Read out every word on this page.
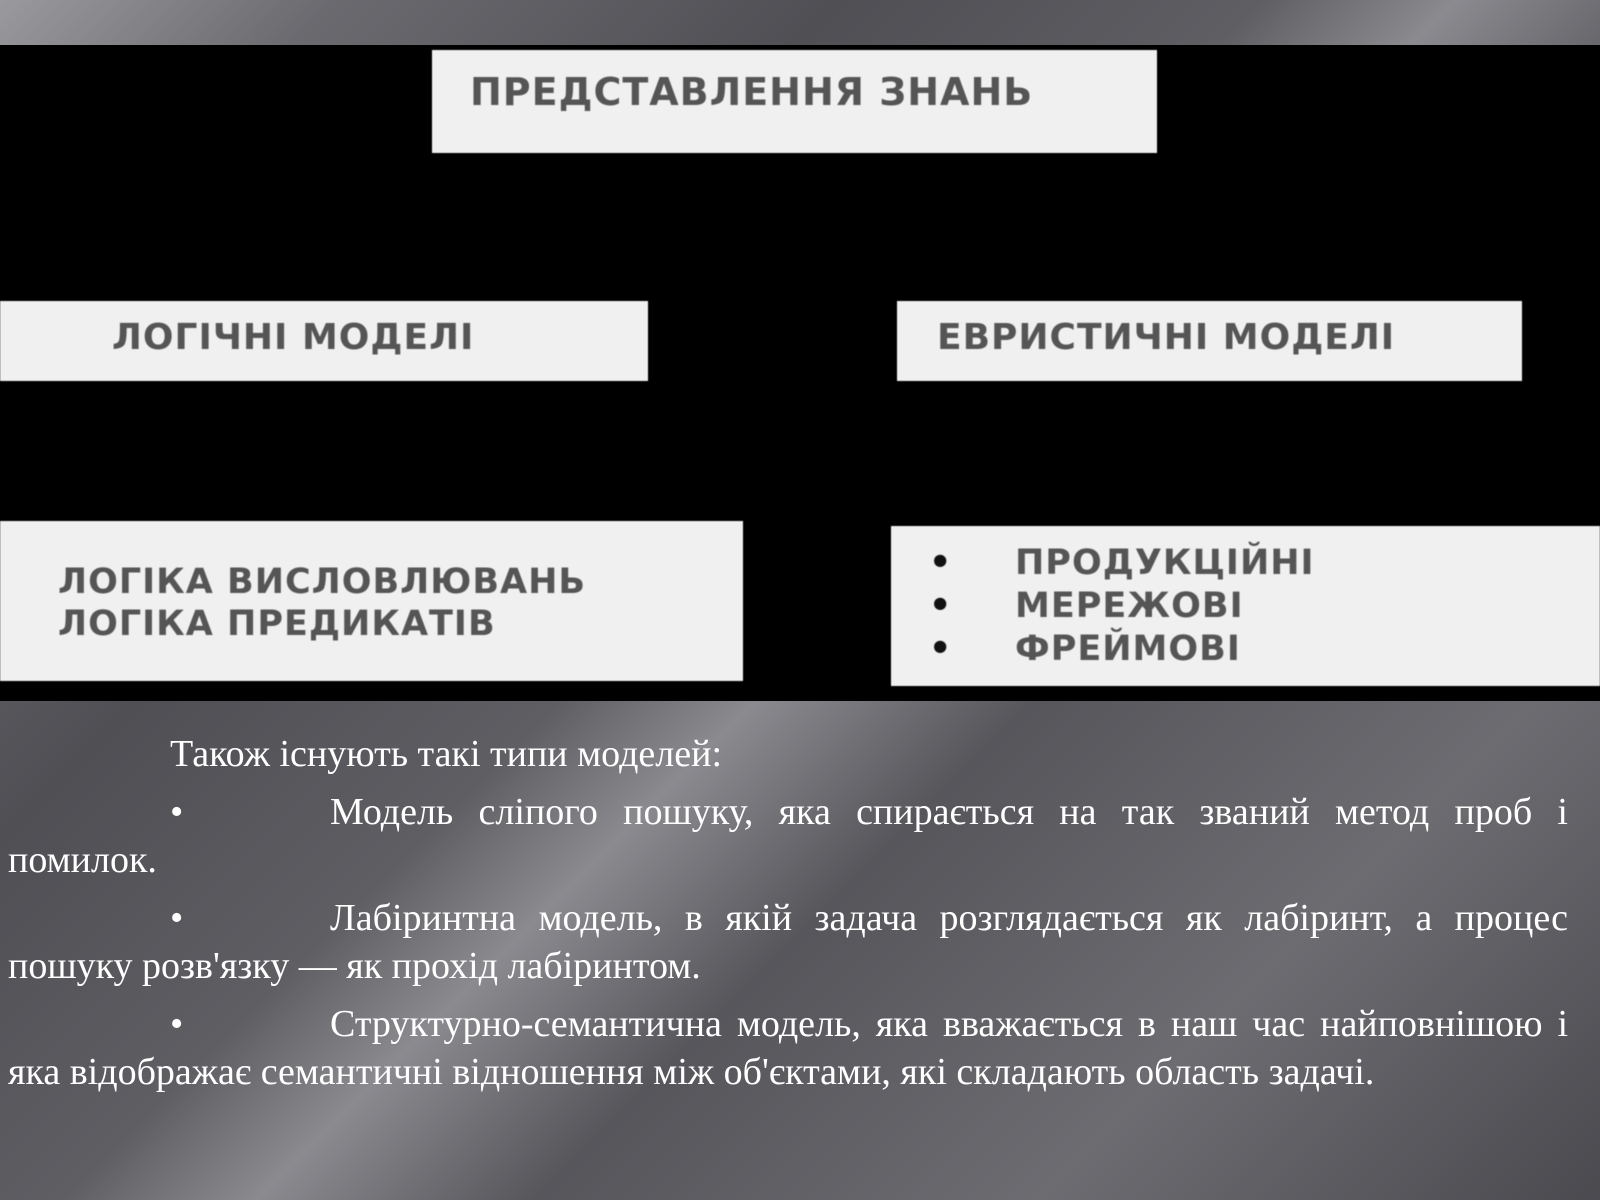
ПРЕДСТАВЛЕННЯ ЗНАНЬ
ЛОГІЧНІ МОДЕЛІ	ЕВРИСТИЧНІ МОДЕЛІ
ЛОГІКА ВИСЛОВЛЮВАНЬ
ЛОГІКА ПРЕДИКАТІВ
•	ПРОДУКЦІЙНІ
•	МЕРЕЖОВІ
•	ФРЕЙМОВІ

Також існують такі типи моделей:

•	Модель сліпого пошуку, яка спирається на так званий метод проб і помилок.

•	Лабіринтна модель, в якій задача розглядається як лабіринт, а процес пошуку розв'язку — як прохід лабіринтом.

•	Структурно-семантична модель, яка вважається в наш час найповнішою і яка відображає семантичні відношення між об'єктами, які складають область задачі.
